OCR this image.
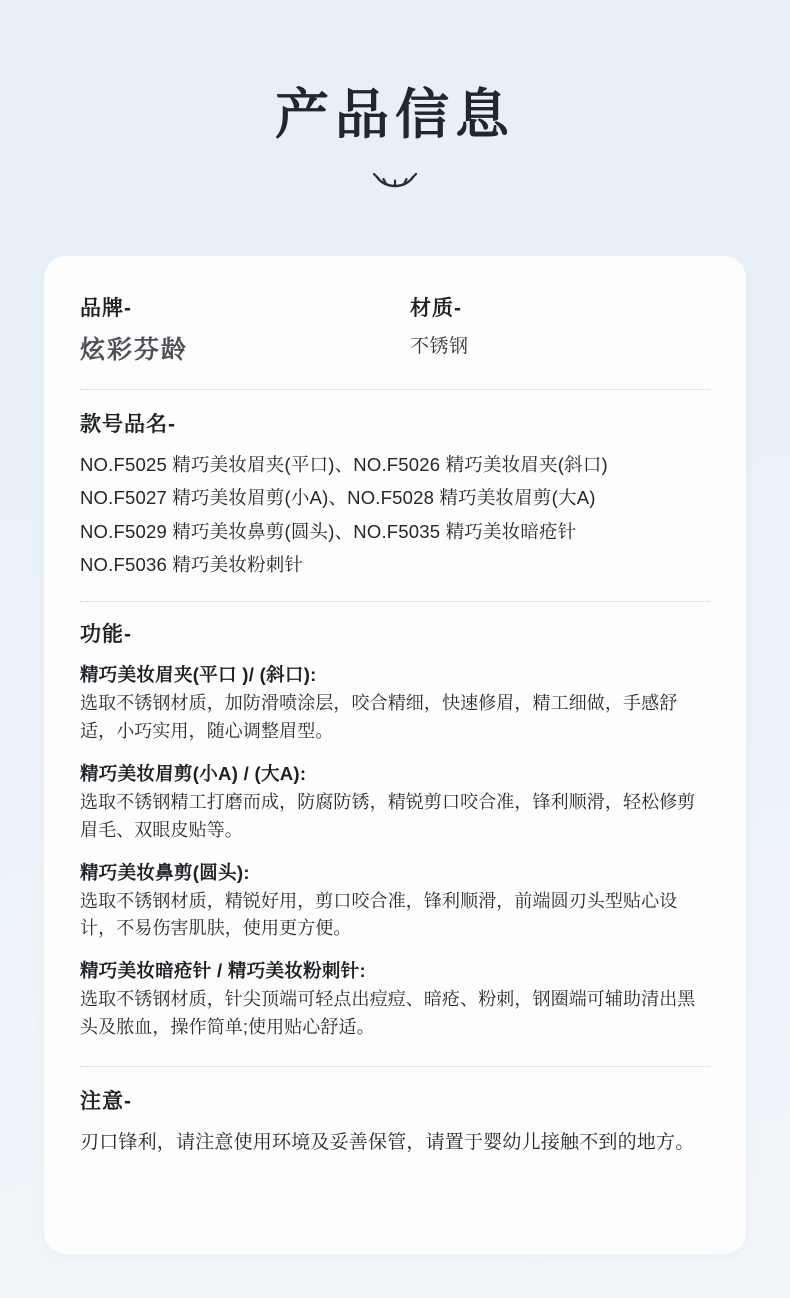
产品信息

品牌-

炫彩芬龄

材质-

不锈钢

款号品名-

NO.F5025 精巧美妆眉夹(平口)、NO.F5026 精巧美妆眉夹(斜口)

NO.F5027 精巧美妆眉剪(小A)、NO.F5028 精巧美妆眉剪(大A)

NO.F5029 精巧美妆鼻剪(圆头)、NO.F5035 精巧美妆暗疮针

NO.F5036 精巧美妆粉刺针

功能-

精巧美妆眉夹(平口 )/ (斜口):

选取不锈钢材质，加防滑喷涂层，咬合精细，快速修眉，精工细做，手感舒适，小巧实用，随心调整眉型。

精巧美妆眉剪(小A) / (大A):

选取不锈钢精工打磨而成，防腐防锈，精锐剪口咬合准，锋利顺滑，轻松修剪眉毛、双眼皮贴等。

精巧美妆鼻剪(圆头):

选取不锈钢材质，精锐好用，剪口咬合准，锋利顺滑，前端圆刃头型贴心设计，不易伤害肌肤，使用更方便。

精巧美妆暗疮针 / 精巧美妆粉刺针:

选取不锈钢材质，针尖顶端可轻点出痘痘、暗疮、粉刺，钢圈端可辅助清出黑头及脓血，操作简单;使用贴心舒适。

注意-

刃口锋利，请注意使用环境及妥善保管，请置于婴幼儿接触不到的地方。
